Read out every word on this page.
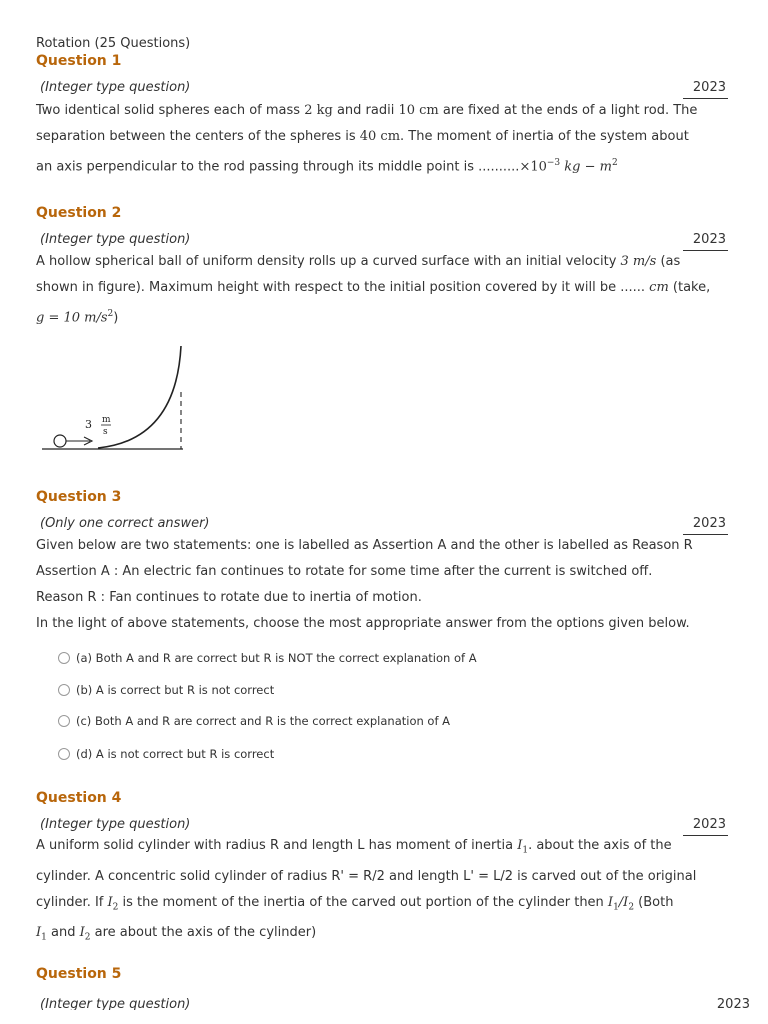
Rotation (25 Questions)
Question 1
(Integer type question)	2023
Two identical solid spheres each of mass 2 kg and radii 10 cm are fixed at the ends of a light rod. The
separation between the centers of the spheres is 40 cm. The moment of inertia of the system about
an axis perpendicular to the rod passing through its middle point is $..........\times 10^{-3}$ kg − $m^2$
Question 2
(Integer type question)	2023
A hollow spherical ball of uniform density rolls up a curved surface with an initial velocity 3 m/s (as
shown in figure). Maximum height with respect to the initial position covered by it will be ...... cm (take,
g = 10 $m/s^2$)
3 m
s
Question 3
(Only one correct answer)	2023
Given below are two statements: one is labelled as Assertion A and the other is labelled as Reason R
Assertion A : An electric fan continues to rotate for some time after the current is switched off.
Reason R : Fan continues to rotate due to inertia of motion.
In the light of above statements, choose the most appropriate answer from the options given below.
(a) Both A and R are correct but R is NOT the correct explanation of A
(b) A is correct but R is not correct
(c) Both A and R are correct and R is the correct explanation of A
(d) A is not correct but R is correct
Question 4
(Integer type question)	2023
A uniform solid cylinder with radius R and length L has moment of inertia $I_1$. about the axis of the
cylinder. A concentric solid cylinder of radius R' = R/2 and length L' = L/2 is carved out of the original
cylinder. If $I_2$ is the moment of the inertia of the carved out portion of the cylinder then $I_1/I_2$ (Both
$I_1$ and $I_2$ are about the axis of the cylinder)
Question 5
(Integer type question)	2023
